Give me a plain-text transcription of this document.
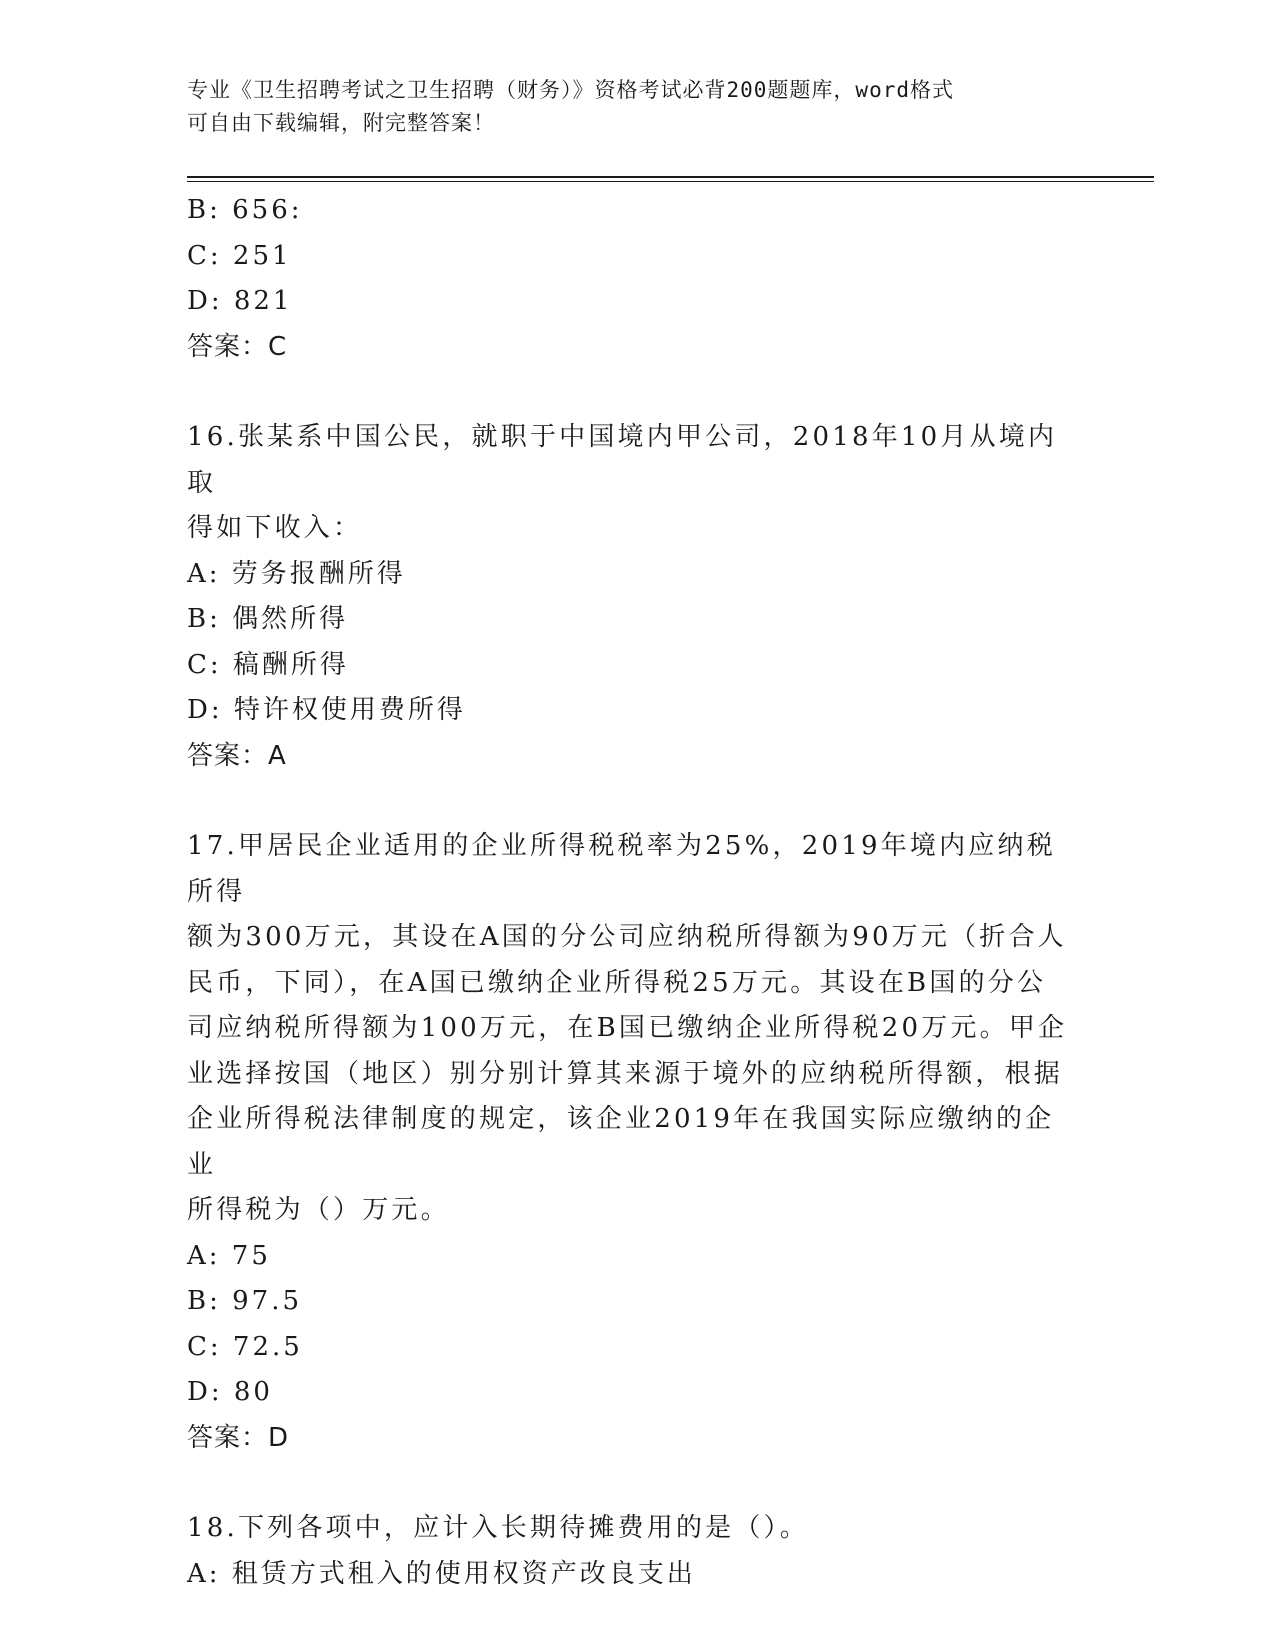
专业《卫生招聘考试之卫生招聘（财务）》资格考试必背200题题库，word格式
可自由下载编辑，附完整答案！
B: 656:
C: 251
D: 821
答案：C
16.张某系中国公民，就职于中国境内甲公司，2018年10月从境内取
得如下收入：
A: 劳务报酬所得
B: 偶然所得
C: 稿酬所得
D: 特许权使用费所得
答案：A
17.甲居民企业适用的企业所得税税率为25%，2019年境内应纳税所得
额为300万元，其设在A国的分公司应纳税所得额为90万元（折合人
民币，下同），在A国已缴纳企业所得税25万元。其设在B国的分公
司应纳税所得额为100万元，在B国已缴纳企业所得税20万元。甲企
业选择按国（地区）别分别计算其来源于境外的应纳税所得额，根据
企业所得税法律制度的规定，该企业2019年在我国实际应缴纳的企业
所得税为（）万元。
A: 75
B: 97.5
C: 72.5
D: 80
答案：D
18.下列各项中，应计入长期待摊费用的是（）。
A: 租赁方式租入的使用权资产改良支出
